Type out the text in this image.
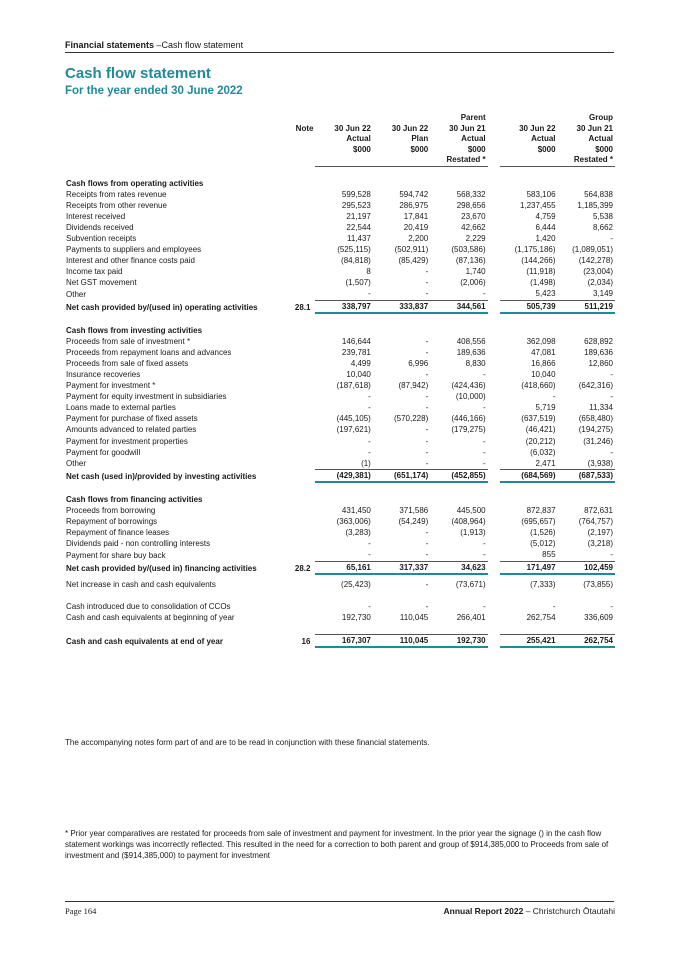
Financial statements –Cash flow statement
Cash flow statement
For the year ended 30 June 2022
				Parent			Group
	Note	30 Jun 22	30 Jun 22	30 Jun 21		30 Jun 22	30 Jun 21
		Actual	Plan	Actual		Actual	Actual
		$000	$000	$000		$000	$000
				Restated *			Restated *

Cash flows from operating activities							
Receipts from rates revenue		599,528	594,742	568,332		583,106	564,838
Receipts from other revenue		295,523	286,975	298,656		1,237,455	1,185,399
Interest received		21,197	17,841	23,670		4,759	5,538
Dividends received		22,544	20,419	42,662		6,444	8,662
Subvention receipts		11,437	2,200	2,229		1,420	-
Payments to suppliers and employees		(525,115)	(502,911)	(503,586)		(1,175,186)	(1,089,051)
Interest and other finance costs paid		(84,818)	(85,429)	(87,136)		(144,266)	(142,278)
Income tax paid		8	-	1,740		(11,918)	(23,004)
Net GST movement		(1,507)	-	(2,006)		(1,498)	(2,034)
Other		-	-	-		5,423	3,149
Net cash provided by/(used in) operating activities	28.1	338,797	333,837	344,561		505,739	511,219

Cash flows from investing activities							
Proceeds from sale of investment *		146,644	-	408,556		362,098	628,892
Proceeds from repayment loans and advances		239,781	-	189,636		47,081	189,636
Proceeds from sale of fixed assets		4,499	6,996	8,830		16,866	12,860
Insurance recoveries		10,040	-	-		10,040	-
Payment for investment *		(187,618)	(87,942)	(424,436)		(418,660)	(642,316)
Payment for equity investment in subsidiaries		-	-	(10,000)		-	-
Loans made to external parties		-	-	-		5,719	11,334
Payment for purchase of fixed assets		(445,105)	(570,228)	(446,166)		(637,519)	(658,480)
Amounts advanced to related parties		(197,621)	-	(179,275)		(46,421)	(194,275)
Payment for investment properties		-	-	-		(20,212)	(31,246)
Payment for goodwill		-	-	-		(6,032)	-
Other		(1)	-	-		2,471	(3,938)
Net cash (used in)/provided by investing activities		(429,381)	(651,174)	(452,855)		(684,569)	(687,533)

Cash flows from financing activities							
Proceeds from borrowing		431,450	371,586	445,500		872,837	872,631
Repayment of borrowings		(363,006)	(54,249)	(408,964)		(695,657)	(764,757)
Repayment of finance leases		(3,283)	-	(1,913)		(1,526)	(2,197)
Dividends paid - non controlling interests		-	-	-		(5,012)	(3,218)
Payment for share buy back		-	-	-		855	-
Net cash provided by/(used in) financing activities	28.2	65,161	317,337	34,623		171,497	102,459

Net increase in cash and cash equivalents		(25,423)	-	(73,671)		(7,333)	(73,855)

Cash introduced due to consolidation of CCOs		-	-	-		-	-
Cash and cash equivalents at beginning of year		192,730	110,045	266,401		262,754	336,609

Cash and cash equivalents at end of year	16	167,307	110,045	192,730		255,421	262,754
The accompanying notes form part of and are to be read in conjunction with these financial statements.
* Prior year comparatives are restated for proceeds from sale of investment and payment for investment. In the prior year the signage () in the cash flow statement workings was incorrectly reflected. This resulted in the need for a correction to both parent and group of $914,385,000 to Proceeds from sale of investment and ($914,385,000) to payment for investment
Page 164	Annual Report 2022 – Christchurch Ōtautahi
